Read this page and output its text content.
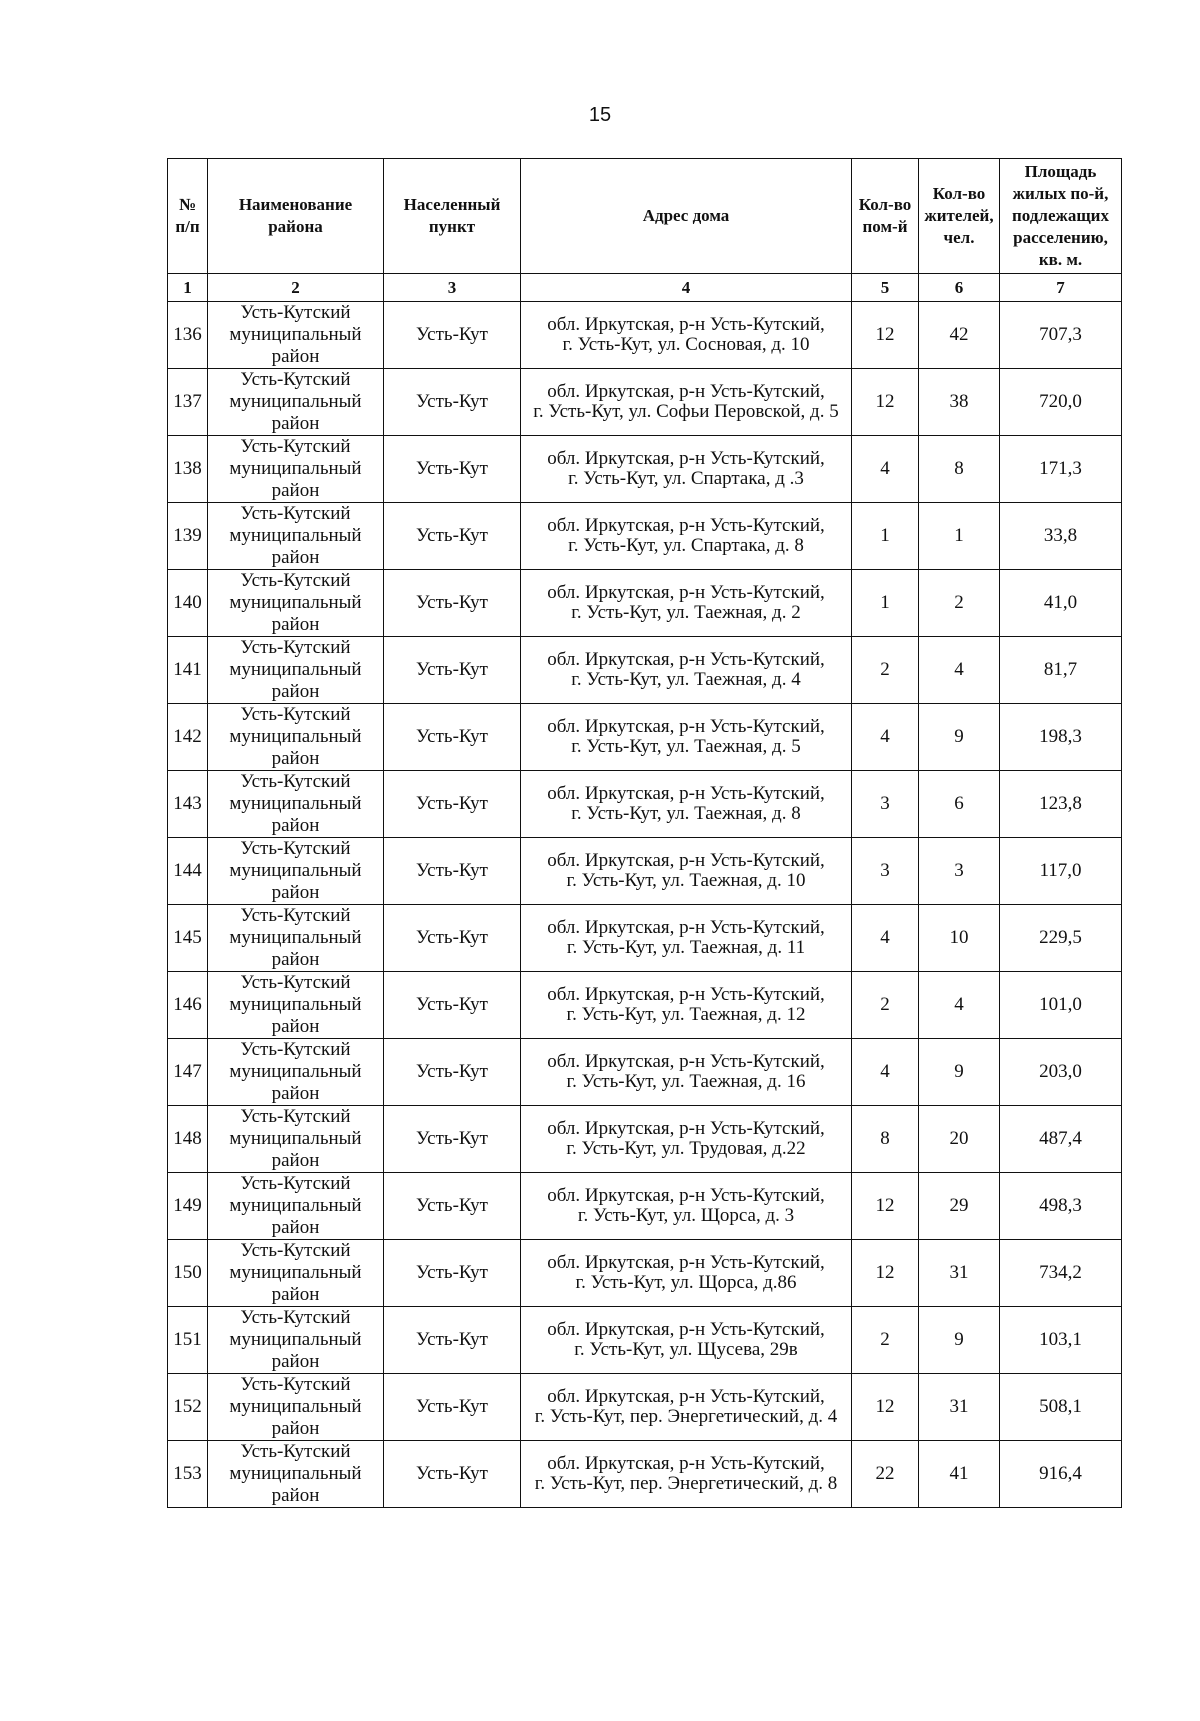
15
№ п/п	Наименование района	Населенный пункт	Адрес дома	Кол-во пом-й	Кол-во жителей, чел.	Площадь жилых по-й, подлежащих расселению, кв. м.
1	2	3	4	5	6	7
136	Усть-Кутский муниципальный район	Усть-Кут	обл. Иркутская, р-н Усть-Кутский,
г. Усть-Кут, ул. Сосновая, д. 10	12	42	707,3
137	Усть-Кутский муниципальный район	Усть-Кут	обл. Иркутская, р-н Усть-Кутский,
г. Усть-Кут, ул. Софьи Перовской, д. 5	12	38	720,0
138	Усть-Кутский муниципальный район	Усть-Кут	обл. Иркутская, р-н Усть-Кутский,
г. Усть-Кут, ул. Спартака, д .3	4	8	171,3
139	Усть-Кутский муниципальный район	Усть-Кут	обл. Иркутская, р-н Усть-Кутский,
г. Усть-Кут, ул. Спартака, д. 8	1	1	33,8
140	Усть-Кутский муниципальный район	Усть-Кут	обл. Иркутская, р-н Усть-Кутский,
г. Усть-Кут, ул. Таежная, д. 2	1	2	41,0
141	Усть-Кутский муниципальный район	Усть-Кут	обл. Иркутская, р-н Усть-Кутский,
г. Усть-Кут, ул. Таежная, д. 4	2	4	81,7
142	Усть-Кутский муниципальный район	Усть-Кут	обл. Иркутская, р-н Усть-Кутский,
г. Усть-Кут, ул. Таежная, д. 5	4	9	198,3
143	Усть-Кутский муниципальный район	Усть-Кут	обл. Иркутская, р-н Усть-Кутский,
г. Усть-Кут, ул. Таежная, д. 8	3	6	123,8
144	Усть-Кутский муниципальный район	Усть-Кут	обл. Иркутская, р-н Усть-Кутский,
г. Усть-Кут, ул. Таежная, д. 10	3	3	117,0
145	Усть-Кутский муниципальный район	Усть-Кут	обл. Иркутская, р-н Усть-Кутский,
г. Усть-Кут, ул. Таежная, д. 11	4	10	229,5
146	Усть-Кутский муниципальный район	Усть-Кут	обл. Иркутская, р-н Усть-Кутский,
г. Усть-Кут, ул. Таежная, д. 12	2	4	101,0
147	Усть-Кутский муниципальный район	Усть-Кут	обл. Иркутская, р-н Усть-Кутский,
г. Усть-Кут, ул. Таежная, д. 16	4	9	203,0
148	Усть-Кутский муниципальный район	Усть-Кут	обл. Иркутская, р-н Усть-Кутский,
г. Усть-Кут, ул. Трудовая, д.22	8	20	487,4
149	Усть-Кутский муниципальный район	Усть-Кут	обл. Иркутская, р-н Усть-Кутский,
г. Усть-Кут, ул. Щорса, д. 3	12	29	498,3
150	Усть-Кутский муниципальный район	Усть-Кут	обл. Иркутская, р-н Усть-Кутский,
г. Усть-Кут, ул. Щорса, д.86	12	31	734,2
151	Усть-Кутский муниципальный район	Усть-Кут	обл. Иркутская, р-н Усть-Кутский,
г. Усть-Кут, ул. Щусева, 29в	2	9	103,1
152	Усть-Кутский муниципальный район	Усть-Кут	обл. Иркутская, р-н Усть-Кутский,
г. Усть-Кут, пер. Энергетический, д. 4	12	31	508,1
153	Усть-Кутский муниципальный район	Усть-Кут	обл. Иркутская, р-н Усть-Кутский,
г. Усть-Кут, пер. Энергетический, д. 8	22	41	916,4
